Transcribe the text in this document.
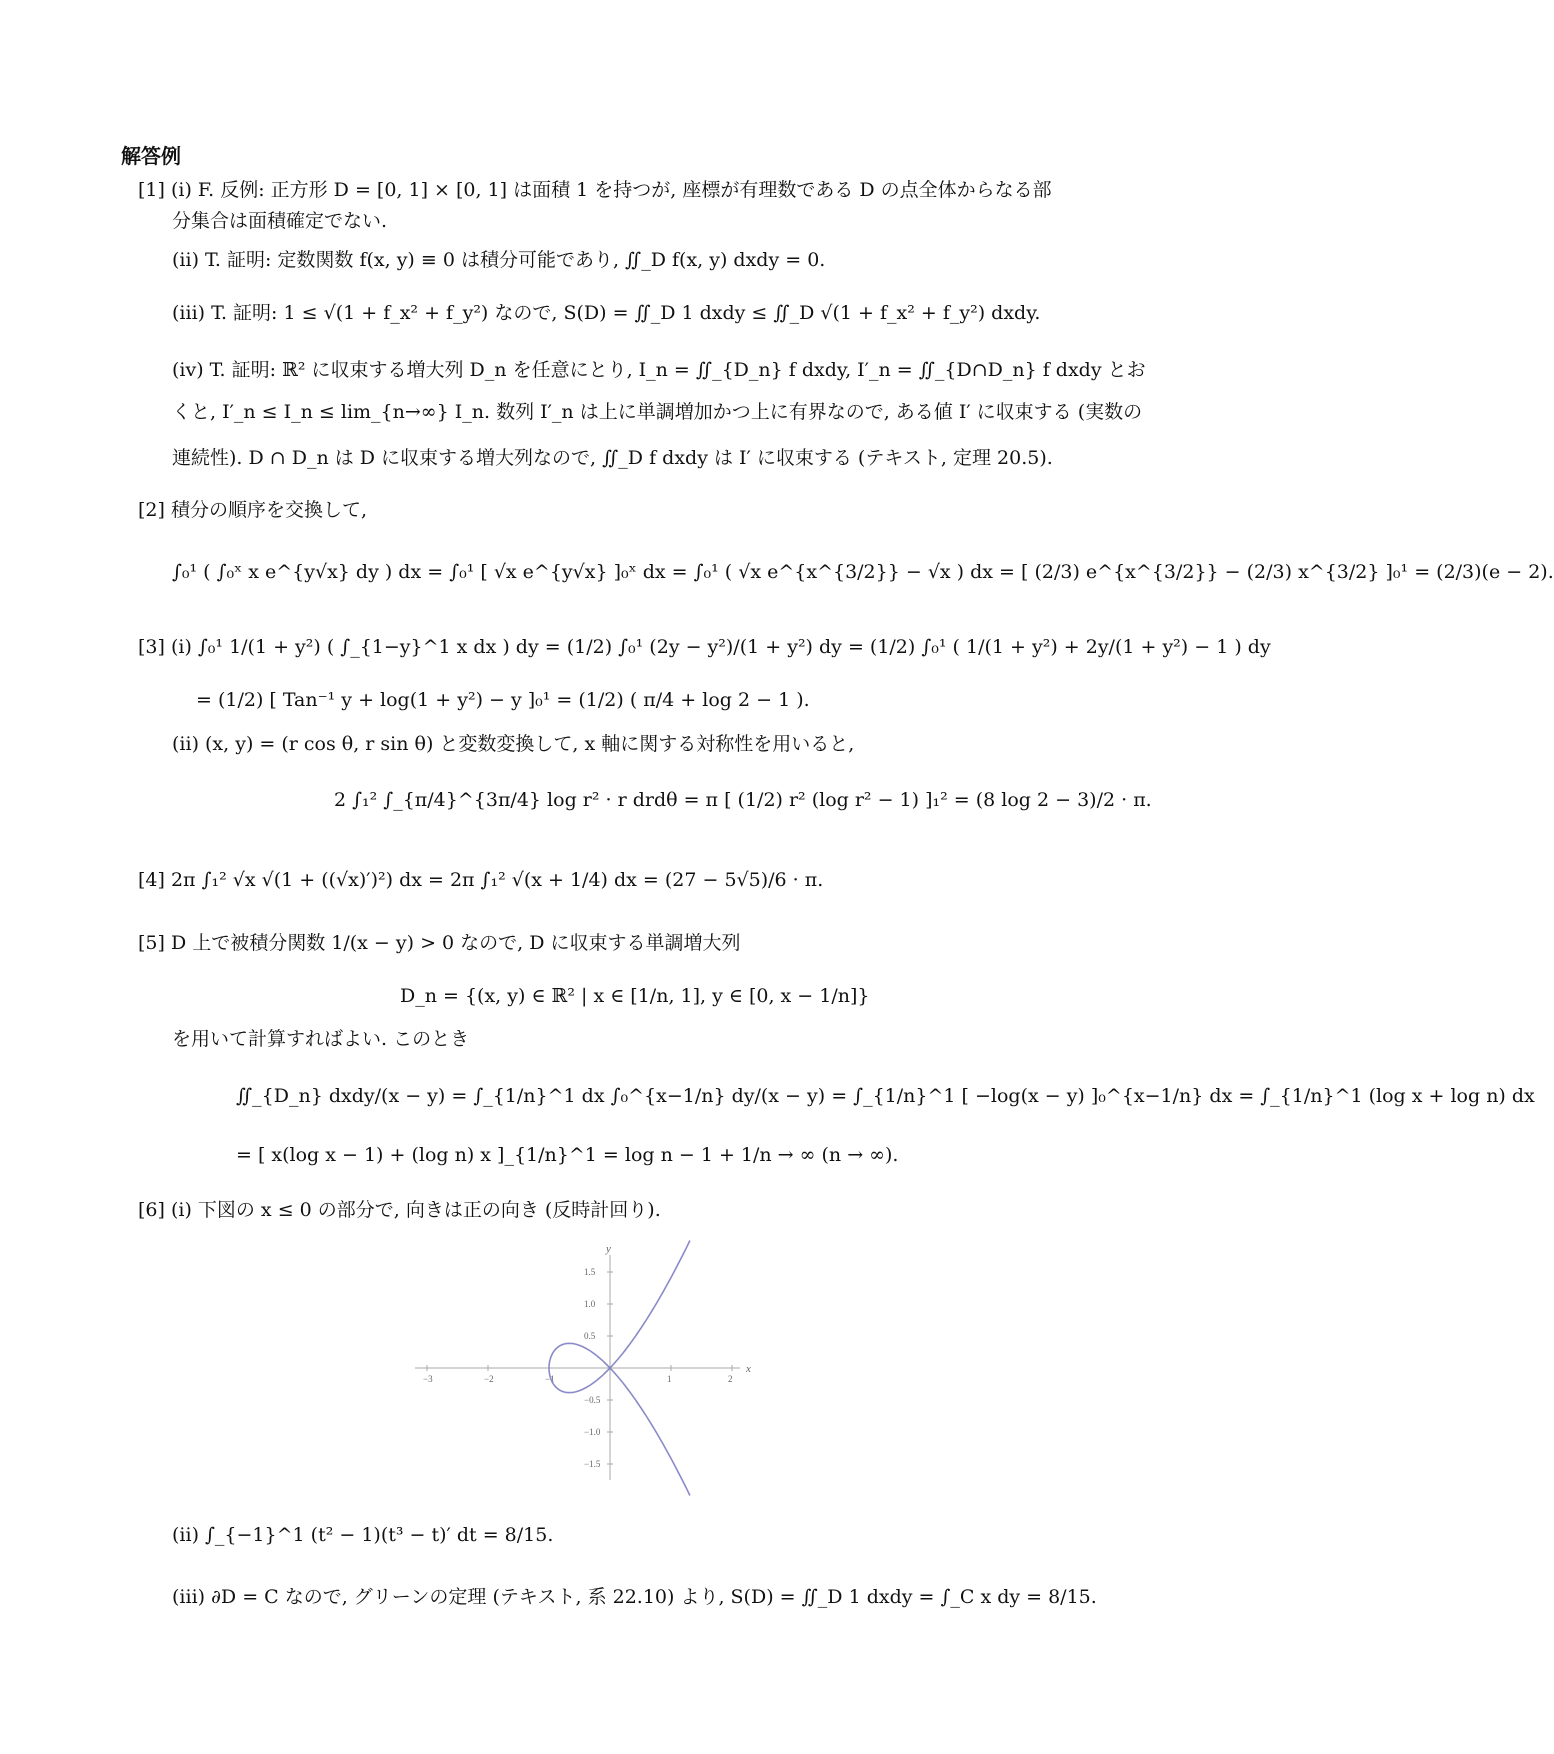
解答例
[1] (i) F. 反例: 正方形 D = [0, 1] × [0, 1] は面積 1 を持つが, 座標が有理数である D の点全体からなる部
分集合は面積確定でない.
(ii) T. 証明: 定数関数 f(x, y) ≡ 0 は積分可能であり, ∬_D f(x, y) dxdy = 0.
(iii) T. 証明: 1 ≤ √(1 + f_x² + f_y²) なので, S(D) = ∬_D 1 dxdy ≤ ∬_D √(1 + f_x² + f_y²) dxdy.
(iv) T. 証明: ℝ² に収束する増大列 D_n を任意にとり, I_n = ∬_{D_n} f dxdy, I′_n = ∬_{D∩D_n} f dxdy とお
くと, I′_n ≤ I_n ≤ lim_{n→∞} I_n. 数列 I′_n は上に単調増加かつ上に有界なので, ある値 I′ に収束する (実数の
連続性). D ∩ D_n は D に収束する増大列なので, ∬_D f dxdy は I′ に収束する (テキスト, 定理 20.5).
[2] 積分の順序を交換して,
∫₀¹ ( ∫₀ˣ x e^{y√x} dy ) dx = ∫₀¹ [ √x e^{y√x} ]₀ˣ dx = ∫₀¹ ( √x e^{x^{3/2}} − √x ) dx = [ (2/3) e^{x^{3/2}} − (2/3) x^{3/2} ]₀¹ = (2/3)(e − 2).
[3] (i) ∫₀¹ 1/(1 + y²) ( ∫_{1−y}^1 x dx ) dy = (1/2) ∫₀¹ (2y − y²)/(1 + y²) dy = (1/2) ∫₀¹ ( 1/(1 + y²) + 2y/(1 + y²) − 1 ) dy
= (1/2) [ Tan⁻¹ y + log(1 + y²) − y ]₀¹ = (1/2) ( π/4 + log 2 − 1 ).
(ii) (x, y) = (r cos θ, r sin θ) と変数変換して, x 軸に関する対称性を用いると,
2 ∫₁² ∫_{π/4}^{3π/4} log r² · r drdθ = π [ (1/2) r² (log r² − 1) ]₁² = (8 log 2 − 3)/2 · π.
[4] 2π ∫₁² √x √(1 + ((√x)′)²) dx = 2π ∫₁² √(x + 1/4) dx = (27 − 5√5)/6 · π.
[5] D 上で被積分関数 1/(x − y) > 0 なので, D に収束する単調増大列
D_n = {(x, y) ∈ ℝ² | x ∈ [1/n, 1], y ∈ [0, x − 1/n]}
を用いて計算すればよい. このとき
∬_{D_n} dxdy/(x − y) = ∫_{1/n}^1 dx ∫₀^{x−1/n} dy/(x − y) = ∫_{1/n}^1 [ −log(x − y) ]₀^{x−1/n} dx = ∫_{1/n}^1 (log x + log n) dx
= [ x(log x − 1) + (log n) x ]_{1/n}^1 = log n − 1 + 1/n → ∞ (n → ∞).
[6] (i) 下図の x ≤ 0 の部分で, 向きは正の向き (反時計回り).
(ii) ∫_{−1}^1 (t² − 1)(t³ − t)′ dt = 8/15.
(iii) ∂D = C なので, グリーンの定理 (テキスト, 系 22.10) より, S(D) = ∬_D 1 dxdy = ∫_C x dy = 8/15.
x
y
−3	−2	−1	1	2
1.5
1.0
0.5
−0.5
−1.0
−1.5
